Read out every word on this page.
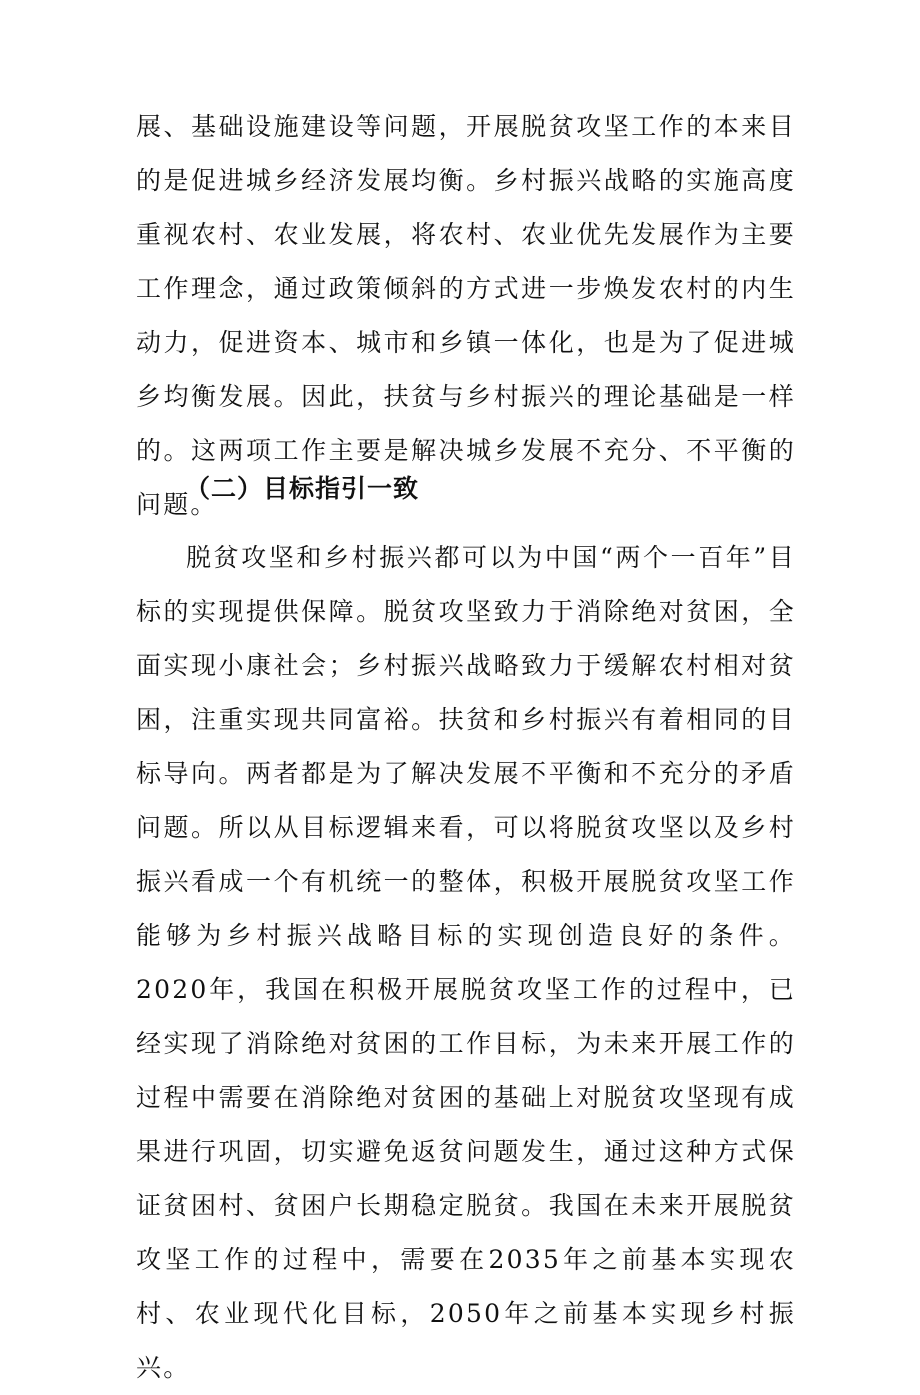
展、基础设施建设等问题，开展脱贫攻坚工作的本来目的是促进城乡经济发展均衡。乡村振兴战略的实施高度重视农村、农业发展，将农村、农业优先发展作为主要工作理念，通过政策倾斜的方式进一步焕发农村的内生动力，促进资本、城市和乡镇一体化，也是为了促进城乡均衡发展。因此，扶贫与乡村振兴的理论基础是一样的。这两项工作主要是解决城乡发展不充分、不平衡的问题。

（二）目标指引一致

脱贫攻坚和乡村振兴都可以为中国“两个一百年”目标的实现提供保障。脱贫攻坚致力于消除绝对贫困，全面实现小康社会；乡村振兴战略致力于缓解农村相对贫困，注重实现共同富裕。扶贫和乡村振兴有着相同的目标导向。两者都是为了解决发展不平衡和不充分的矛盾问题。所以从目标逻辑来看，可以将脱贫攻坚以及乡村振兴看成一个有机统一的整体，积极开展脱贫攻坚工作能够为乡村振兴战略目标的实现创造良好的条件。2020年，我国在积极开展脱贫攻坚工作的过程中，已经实现了消除绝对贫困的工作目标，为未来开展工作的过程中需要在消除绝对贫困的基础上对脱贫攻坚现有成果进行巩固，切实避免返贫问题发生，通过这种方式保证贫困村、贫困户长期稳定脱贫。我国在未来开展脱贫攻坚工作的过程中，需要在2035年之前基本实现农村、农业现代化目标，2050年之前基本实现乡村振兴。
